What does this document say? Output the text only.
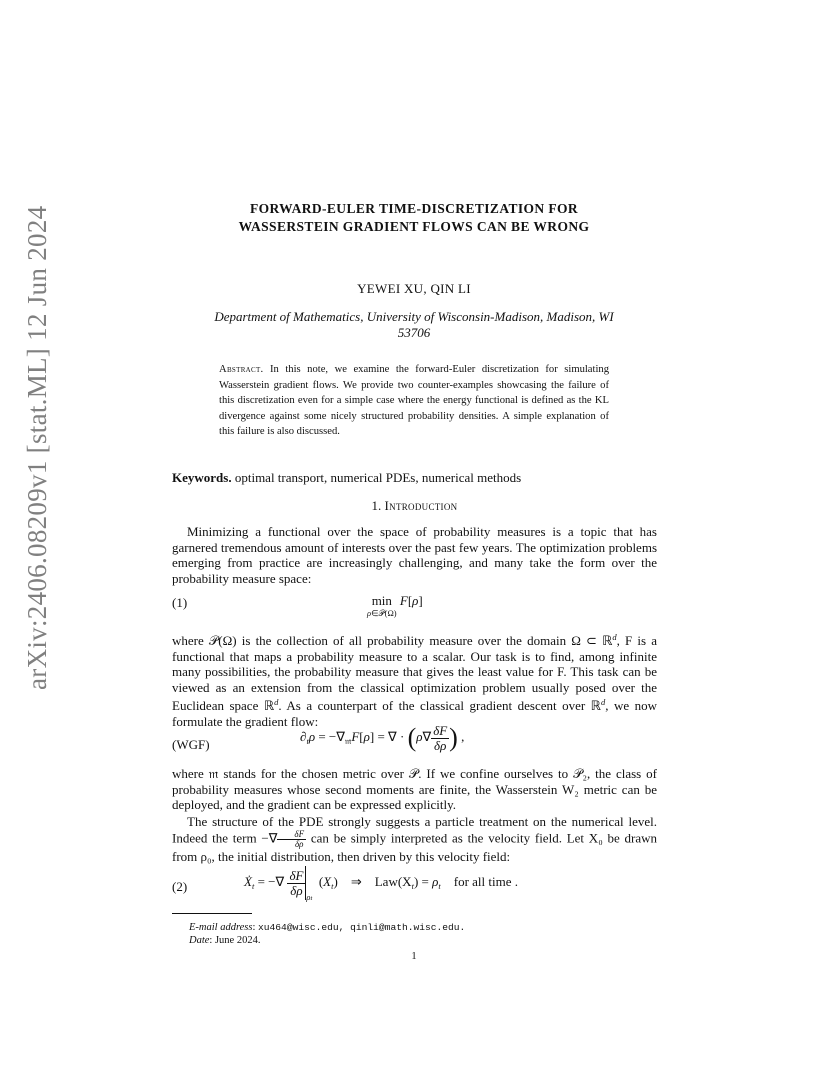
arXiv:2406.08209v1 [stat.ML] 12 Jun 2024	FORWARD-EULER TIME-DISCRETIZATION FOR
WASSERSTEIN GRADIENT FLOWS CAN BE WRONG
YEWEI XU, QIN LI
Department of Mathematics, University of Wisconsin-Madison, Madison, WI
53706
Abstract. In this note, we examine the forward-Euler discretization for simulating Wasserstein gradient flows. We provide two counter-examples showcasing the failure of this discretization even for a simple case where the energy functional is defined as the KL divergence against some nicely structured probability densities. A simple explanation of this failure is also discussed.
Keywords. optimal transport, numerical PDEs, numerical methods
1. Introduction
Minimizing a functional over the space of probability measures is a topic that has garnered tremendous amount of interests over the past few years. The optimization problems emerging from practice are increasingly challenging, and many take the form over the probability measure space:
(1)	min
ρ∈𝒫(Ω)
F[ρ]
where 𝒫(Ω) is the collection of all probability measure over the domain Ω ⊂ ℝ$^d$, F is a functional that maps a probability measure to a scalar. Our task is to find, among infinite many possibilities, the probability measure that gives the least value for F. This task can be viewed as an extension from the classical optimization problem usually posed over the Euclidean space ℝ$^d$. As a counterpart of the classical gradient descent over ℝ$^d$, we now formulate the gradient flow:
(WGF)
$\partial_t\rho = -\nabla_𝔪F[\rho]$ = ∇ · ($\rho\nabla \frac{\delta F}{\delta\rho}$ ) ,
where 𝔪 stands for the chosen metric over 𝒫. If we confine ourselves to 𝒫₂, the class of probability measures whose second moments are finite, the Wasserstein W₂ metric can be deployed, and the gradient can be expressed explicitly.
The structure of the PDE strongly suggests a particle treatment on the numerical level. Indeed the term −∇ $\frac{\delta F}{\delta\rho}$ can be simply interpreted as the velocity field. Let X₀ be drawn from ρ₀, the initial distribution, then driven by this velocity field:
(2)	Ẋ$_t$ = −∇ $\frac{\delta F}{\delta\rho} _{\rho t}$  $(X_t)$    ⇒    $Law(X_t) = \rho_t$ for all time .
E-mail address: xu464@wisc.edu, qinli@math.wisc.edu.
Date: June 2024.
1
